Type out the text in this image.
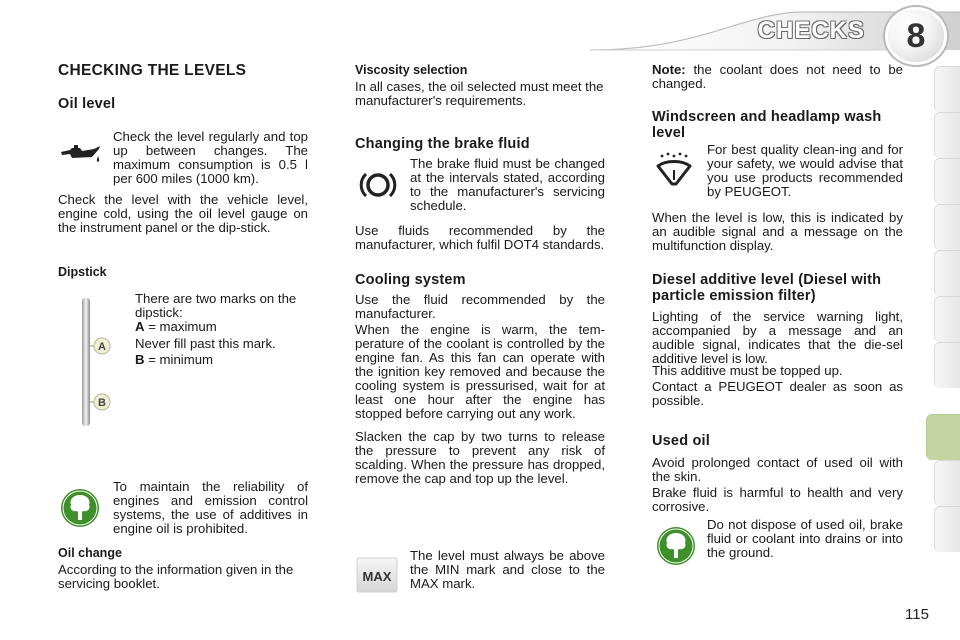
CHECKS	8
CHECKING THE LEVELS
Oil level

Check the level regularly and top up between changes. The maximum consumption is 0.5 l per 600 miles (1000 km).

Check the level with the vehicle level, engine cold, using the oil level gauge on the instrument panel or the dip-stick.

Dipstick
A
B

There are two marks on the dipstick:

A = maximum

Never fill past this mark.

B = minimum

To maintain the reliability of engines and emission control systems, the use of additives in engine oil is prohibited.

Oil change

According to the information given in the servicing booklet.

Viscosity selection

In all cases, the oil selected must meet the manufacturer's requirements.

Changing the brake fluid

The brake fluid must be changed at the intervals stated, according to the manufacturer's servicing schedule.

Use fluids recommended by the manufacturer, which fulfil DOT4 standards.

Cooling system

Use the fluid recommended by the manufacturer.

When the engine is warm, the tem-perature of the coolant is controlled by the engine fan. As this fan can operate with the ignition key removed and because the cooling system is pressurised, wait for at least one hour after the engine has stopped before carrying out any work.

Slacken the cap by two turns to release the pressure to prevent any risk of scalding. When the pressure has dropped, remove the cap and top up the level.

MAX

The level must always be above the MIN mark and close to the MAX mark.

Note: the coolant does not need to be changed.

Windscreen and headlamp wash level

For best quality clean-ing and for your safety, we would advise that you use products recommended by PEUGEOT.

When the level is low, this is indicated by an audible signal and a message on the multifunction display.

Diesel additive level (Diesel with particle emission filter)

Lighting of the service warning light, accompanied by a message and an audible signal, indicates that the die-sel additive level is low.

This additive must be topped up.

Contact a PEUGEOT dealer as soon as possible.

Used oil

Avoid prolonged contact of used oil with the skin.

Brake fluid is harmful to health and very corrosive.

Do not dispose of used oil, brake fluid or coolant into drains or into the ground.

115
